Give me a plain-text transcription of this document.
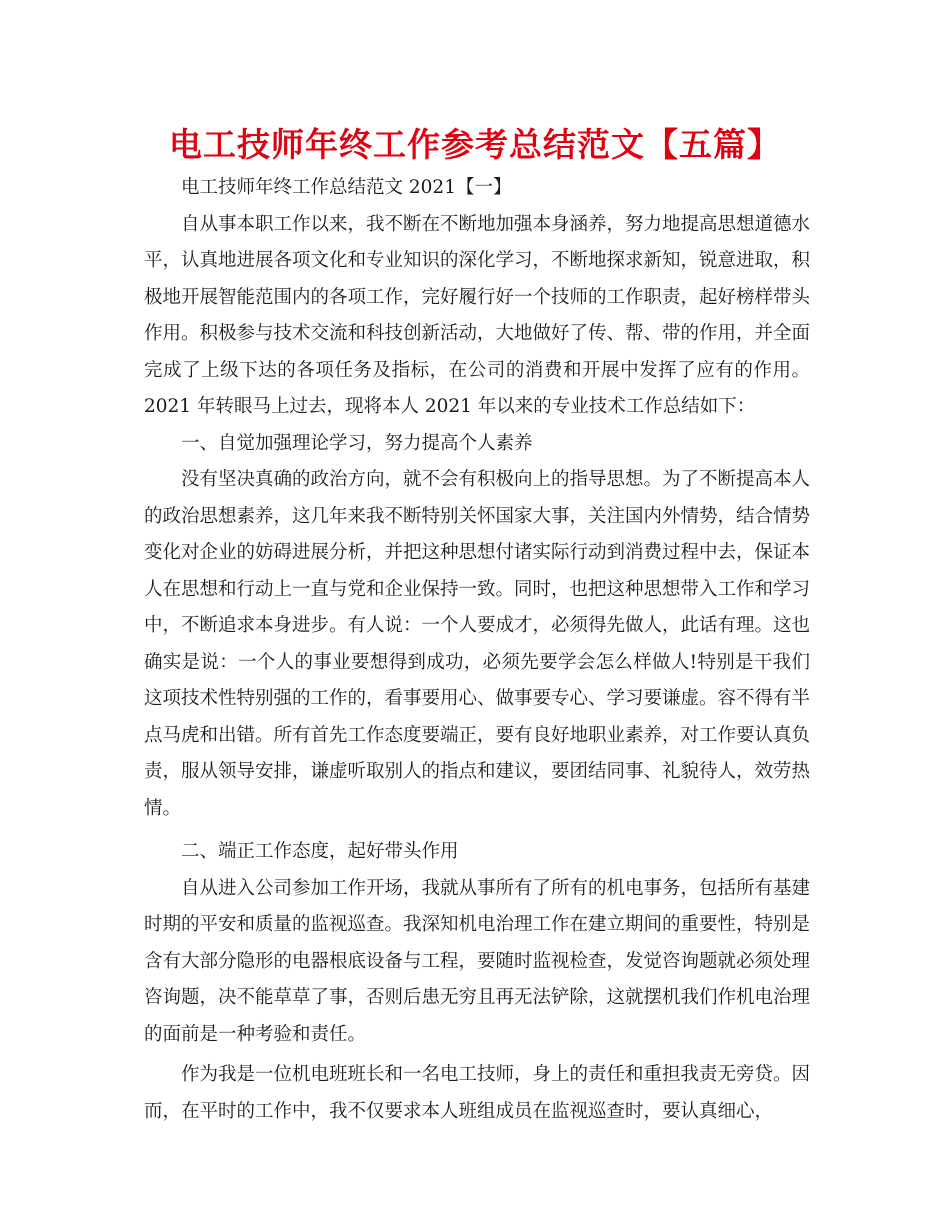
电工技师年终工作参考总结范文【五篇】

电工技师年终工作总结范文 2021【一】

自从事本职工作以来，我不断在不断地加强本身涵养，努力地提高思想道德水平，认真地进展各项文化和专业知识的深化学习，不断地探求新知，锐意进取，积极地开展智能范围内的各项工作，完好履行好一个技师的工作职责，起好榜样带头作用。积极参与技术交流和科技创新活动，大地做好了传、帮、带的作用，并全面完成了上级下达的各项任务及指标，在公司的消费和开展中发挥了应有的作用。2021 年转眼马上过去，现将本人 2021 年以来的专业技术工作总结如下：

一、自觉加强理论学习，努力提高个人素养

没有坚决真确的政治方向，就不会有积极向上的指导思想。为了不断提高本人的政治思想素养，这几年来我不断特别关怀国家大事，关注国内外情势，结合情势变化对企业的妨碍进展分析，并把这种思想付诸实际行动到消费过程中去，保证本人在思想和行动上一直与党和企业保持一致。同时，也把这种思想带入工作和学习中，不断追求本身进步。有人说：一个人要成才，必须得先做人，此话有理。这也确实是说：一个人的事业要想得到成功，必须先要学会怎么样做人!特别是干我们这项技术性特别强的工作的，看事要用心、做事要专心、学习要谦虚。容不得有半点马虎和出错。所有首先工作态度要端正，要有良好地职业素养，对工作要认真负责，服从领导安排，谦虚听取别人的指点和建议，要团结同事、礼貌待人，效劳热情。

二、端正工作态度，起好带头作用

自从进入公司参加工作开场，我就从事所有了所有的机电事务，包括所有基建时期的平安和质量的监视巡查。我深知机电治理工作在建立期间的重要性，特别是含有大部分隐形的电器根底设备与工程，要随时监视检查，发觉咨询题就必须处理咨询题，决不能草草了事，否则后患无穷且再无法铲除，这就摆机我们作机电治理的面前是一种考验和责任。

作为我是一位机电班班长和一名电工技师，身上的责任和重担我责无旁贷。因而，在平时的工作中，我不仅要求本人班组成员在监视巡查时，要认真细心，
